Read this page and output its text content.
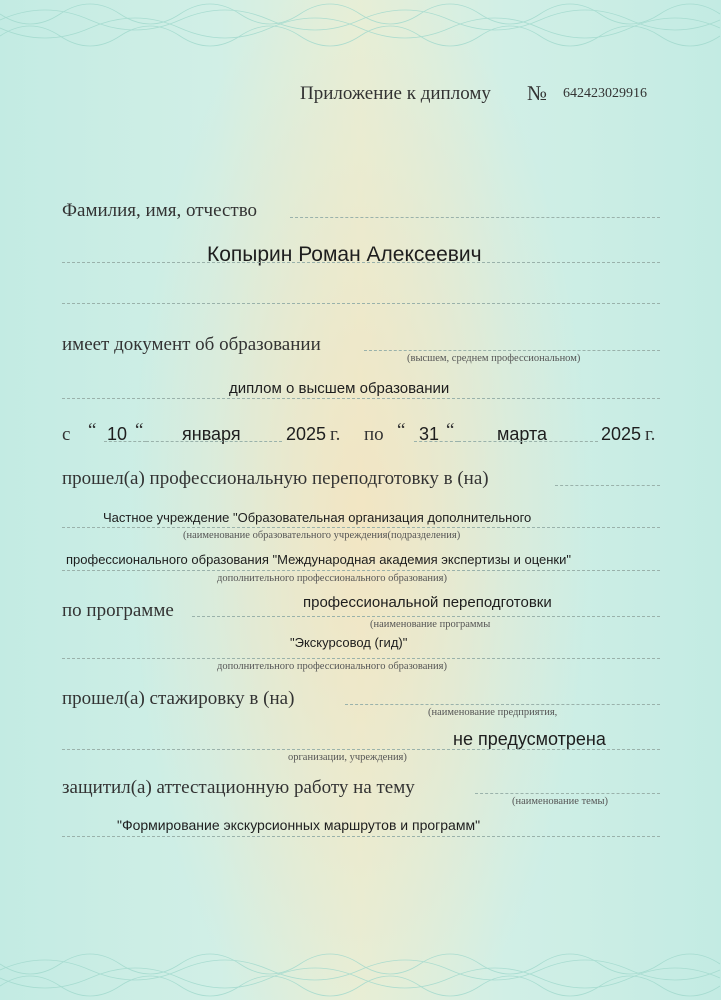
Приложение к диплому № 642423029916
Фамилия, имя, отчество
Копырин Роман Алексеевич
имеет документ об образовании
(высшем, среднем профессиональном)
диплом о высшем образовании
с “ 10 “ января	2025 г. по “ 31 “ марта	2025 г.
прошел(а) профессиональную переподготовку в (на)
Частное учреждение "Образовательная организация дополнительного
(наименование образовательного учреждения(подразделения)
профессионального образования "Международная академия экспертизы и оценки"
дополнительного профессионального образования)
по программе	профессиональной переподготовки
(наименование программы
"Экскурсовод (гид)"
дополнительного профессионального образования)
прошел(а) стажировку в (на)
(наименование предприятия,
не предусмотрена
организации, учреждения)
защитил(а) аттестационную работу на тему
(наименование темы)
"Формирование экскурсионных маршрутов и программ"
